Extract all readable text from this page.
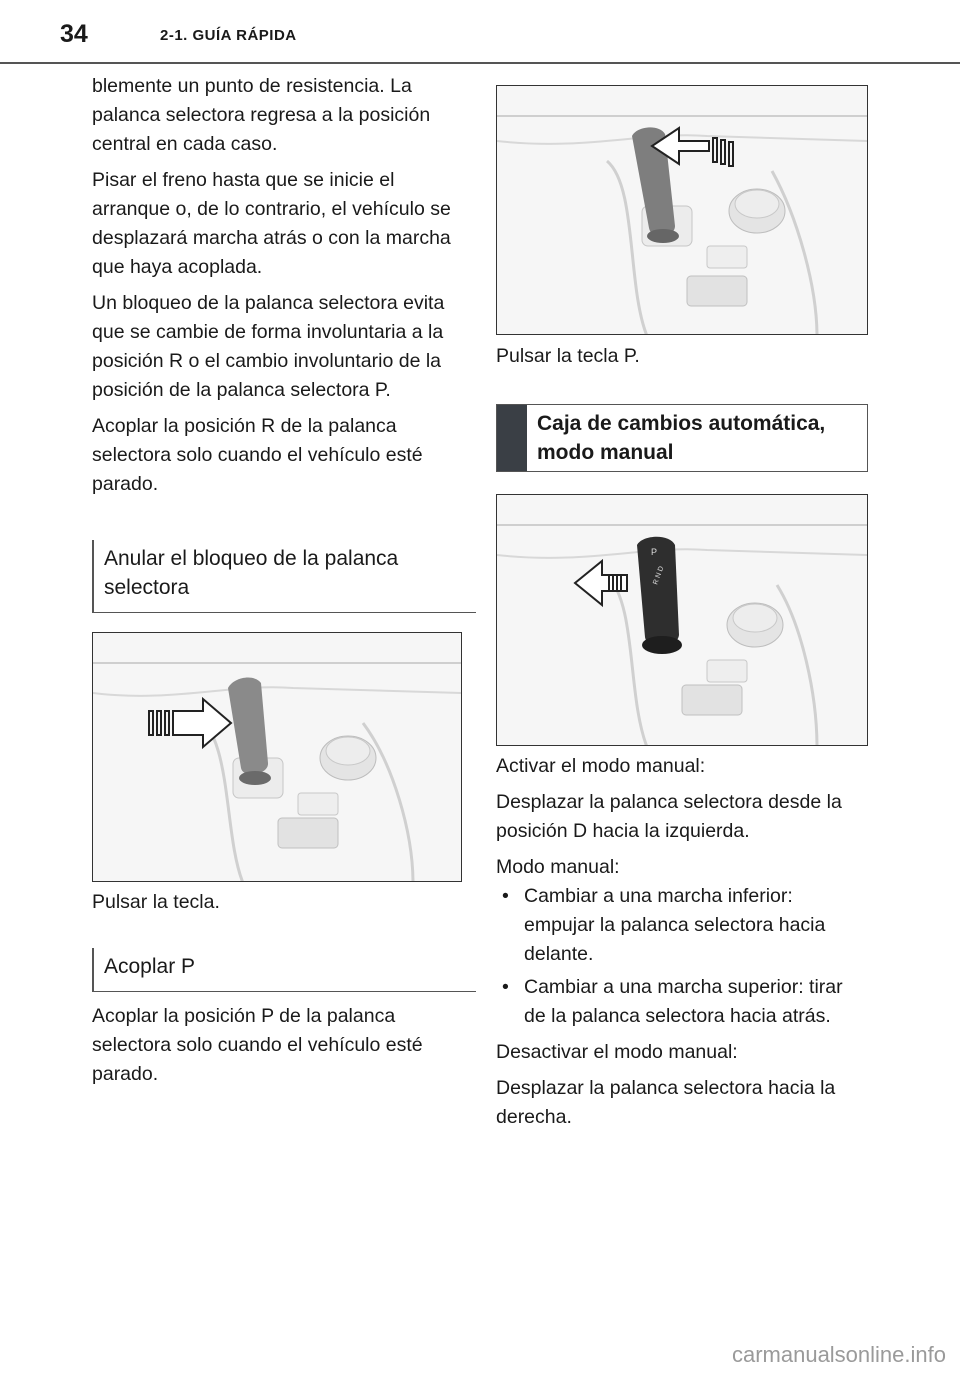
34	2-1. GUÍA RÁPIDA

blemente un punto de resistencia. La palanca selectora regresa a la posición central en cada caso.

Pisar el freno hasta que se inicie el arranque o, de lo contrario, el vehículo se desplazará marcha atrás o con la marcha que haya acoplada.

Un bloqueo de la palanca selectora evita que se cambie de forma involuntaria a la posición R o el cambio involuntario de la posición de la palanca selectora P.

Acoplar la posición R de la palanca selectora solo cuando el vehículo esté parado.

Anular el bloqueo de la palanca selectora
Pulsar la tecla.
Acoplar P
Acoplar la posición P de la palanca selectora solo cuando el vehículo esté parado.
Pulsar la tecla P.
Caja de cambios automática, modo manual
P
R N D

Activar el modo manual:

Desplazar la palanca selectora desde la posición D hacia la izquierda.

Modo manual:

• Cambiar a una marcha inferior: empujar la palanca selectora hacia delante.
• Cambiar a una marcha superior: tirar de la palanca selectora hacia atrás.

Desactivar el modo manual:

Desplazar la palanca selectora hacia la derecha.

carmanualsonline.info
